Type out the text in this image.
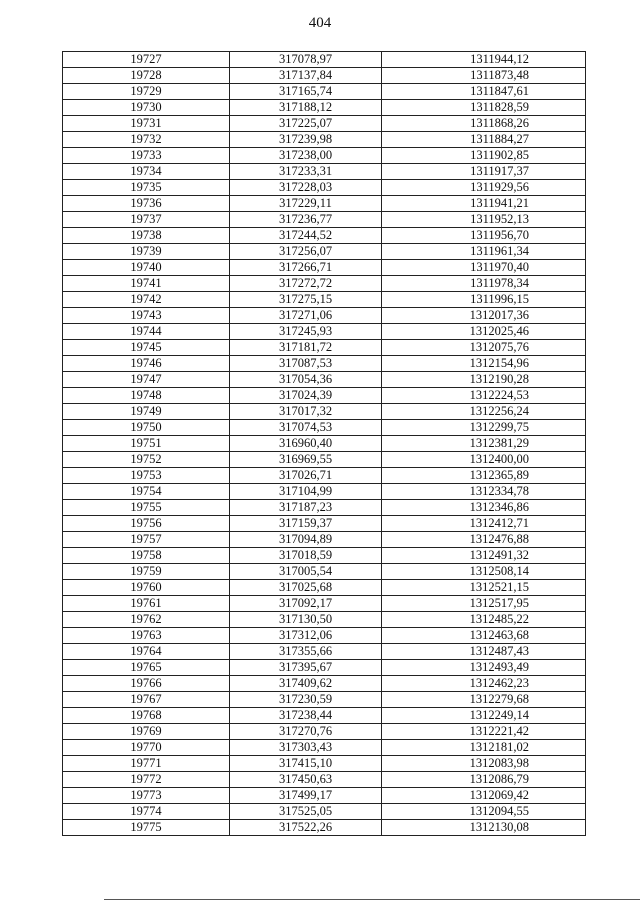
404
19727	317078,97	1311944,12
19728	317137,84	1311873,48
19729	317165,74	1311847,61
19730	317188,12	1311828,59
19731	317225,07	1311868,26
19732	317239,98	1311884,27
19733	317238,00	1311902,85
19734	317233,31	1311917,37
19735	317228,03	1311929,56
19736	317229,11	1311941,21
19737	317236,77	1311952,13
19738	317244,52	1311956,70
19739	317256,07	1311961,34
19740	317266,71	1311970,40
19741	317272,72	1311978,34
19742	317275,15	1311996,15
19743	317271,06	1312017,36
19744	317245,93	1312025,46
19745	317181,72	1312075,76
19746	317087,53	1312154,96
19747	317054,36	1312190,28
19748	317024,39	1312224,53
19749	317017,32	1312256,24
19750	317074,53	1312299,75
19751	316960,40	1312381,29
19752	316969,55	1312400,00
19753	317026,71	1312365,89
19754	317104,99	1312334,78
19755	317187,23	1312346,86
19756	317159,37	1312412,71
19757	317094,89	1312476,88
19758	317018,59	1312491,32
19759	317005,54	1312508,14
19760	317025,68	1312521,15
19761	317092,17	1312517,95
19762	317130,50	1312485,22
19763	317312,06	1312463,68
19764	317355,66	1312487,43
19765	317395,67	1312493,49
19766	317409,62	1312462,23
19767	317230,59	1312279,68
19768	317238,44	1312249,14
19769	317270,76	1312221,42
19770	317303,43	1312181,02
19771	317415,10	1312083,98
19772	317450,63	1312086,79
19773	317499,17	1312069,42
19774	317525,05	1312094,55
19775	317522,26	1312130,08
